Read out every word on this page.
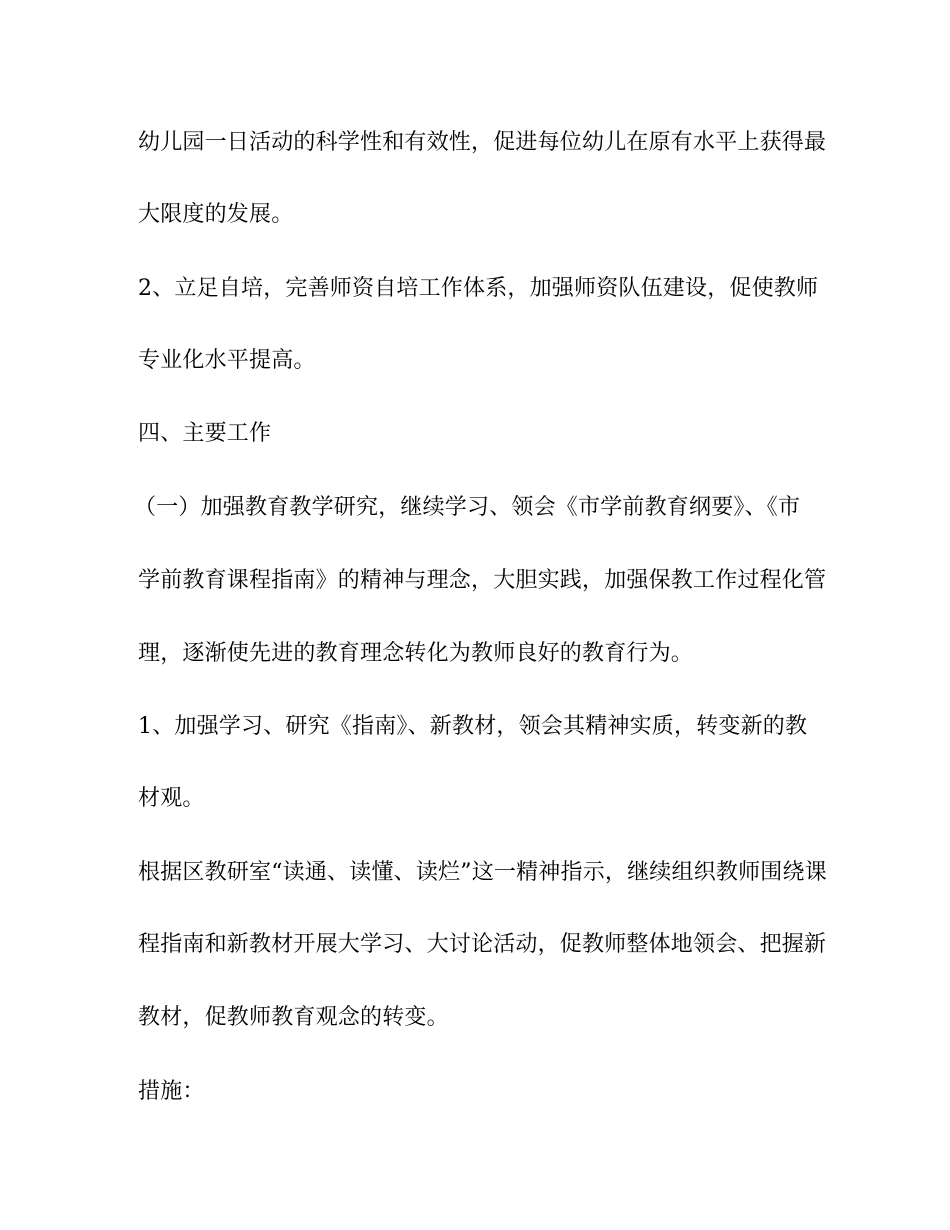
幼儿园一日活动的科学性和有效性，促进每位幼儿在原有水平上获得最
大限度的发展。
2、立足自培，完善师资自培工作体系，加强师资队伍建设，促使教师
专业化水平提高。
四、主要工作
（一）加强教育教学研究，继续学习、领会《市学前教育纲要》、《市
学前教育课程指南》的精神与理念，大胆实践，加强保教工作过程化管
理，逐渐使先进的教育理念转化为教师良好的教育行为。
1、加强学习、研究《指南》、新教材，领会其精神实质，转变新的教
材观。
根据区教研室“读通、读懂、读烂”这一精神指示，继续组织教师围绕课
程指南和新教材开展大学习、大讨论活动，促教师整体地领会、把握新
教材，促教师教育观念的转变。
措施：
